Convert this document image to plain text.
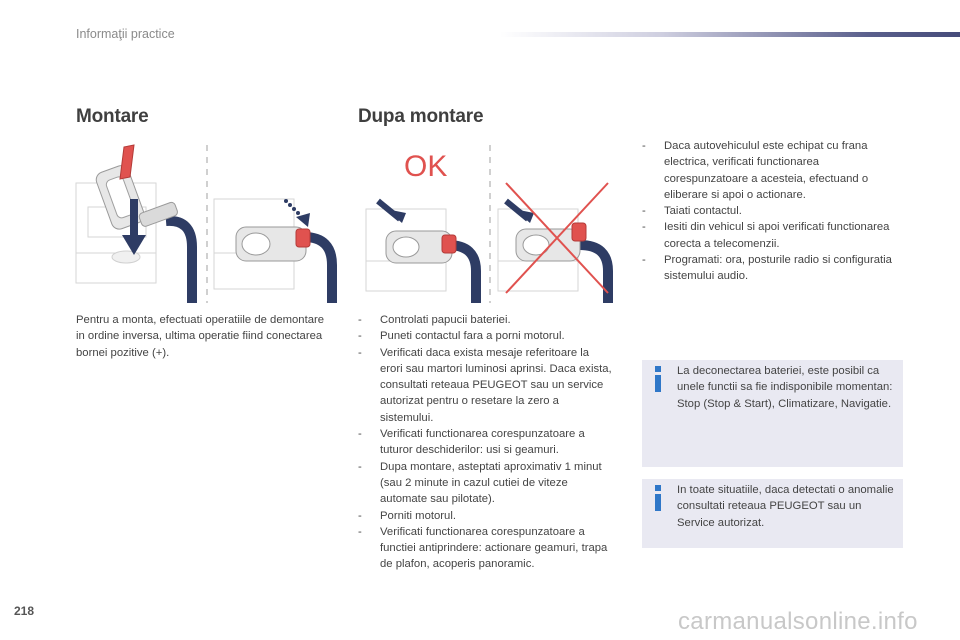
Informaţii practice
Montare
Pentru a monta, efectuati operatiile de demontare in ordine inversa, ultima operatie fiind conectarea bornei pozitive (+).
Dupa montare
OK
- Controlati papucii bateriei.
- Puneti contactul fara a porni motorul.
- Verificati daca exista mesaje referitoare la erori sau martori luminosi aprinsi. Daca exista, consultati reteaua PEUGEOT sau un service autorizat pentru o resetare la zero a sistemului.
- Verificati functionarea corespunzatoare a tuturor deschiderilor: usi si geamuri.
- Dupa montare, asteptati aproximativ 1 minut (sau 2 minute in cazul cutiei de viteze automate sau pilotate).
- Porniti motorul.
- Verificati functionarea corespunzatoare a functiei antiprindere: actionare geamuri, trapa de plafon, acoperis panoramic.
- Daca autovehiculul este echipat cu frana electrica, verificati functionarea corespunzatoare a acesteia, efectuand o eliberare si apoi o actionare.
- Taiati contactul.
- Iesiti din vehicul si apoi verificati functionarea corecta a telecomenzii.
- Programati: ora, posturile radio si configuratia sistemului audio.
La deconectarea bateriei, este posibil ca unele functii sa fie indisponibile momentan: Stop (Stop & Start), Climatizare, Navigatie.
In toate situatiile, daca detectati o anomalie consultati reteaua PEUGEOT sau un Service autorizat.
218	carmanualsonline.info
